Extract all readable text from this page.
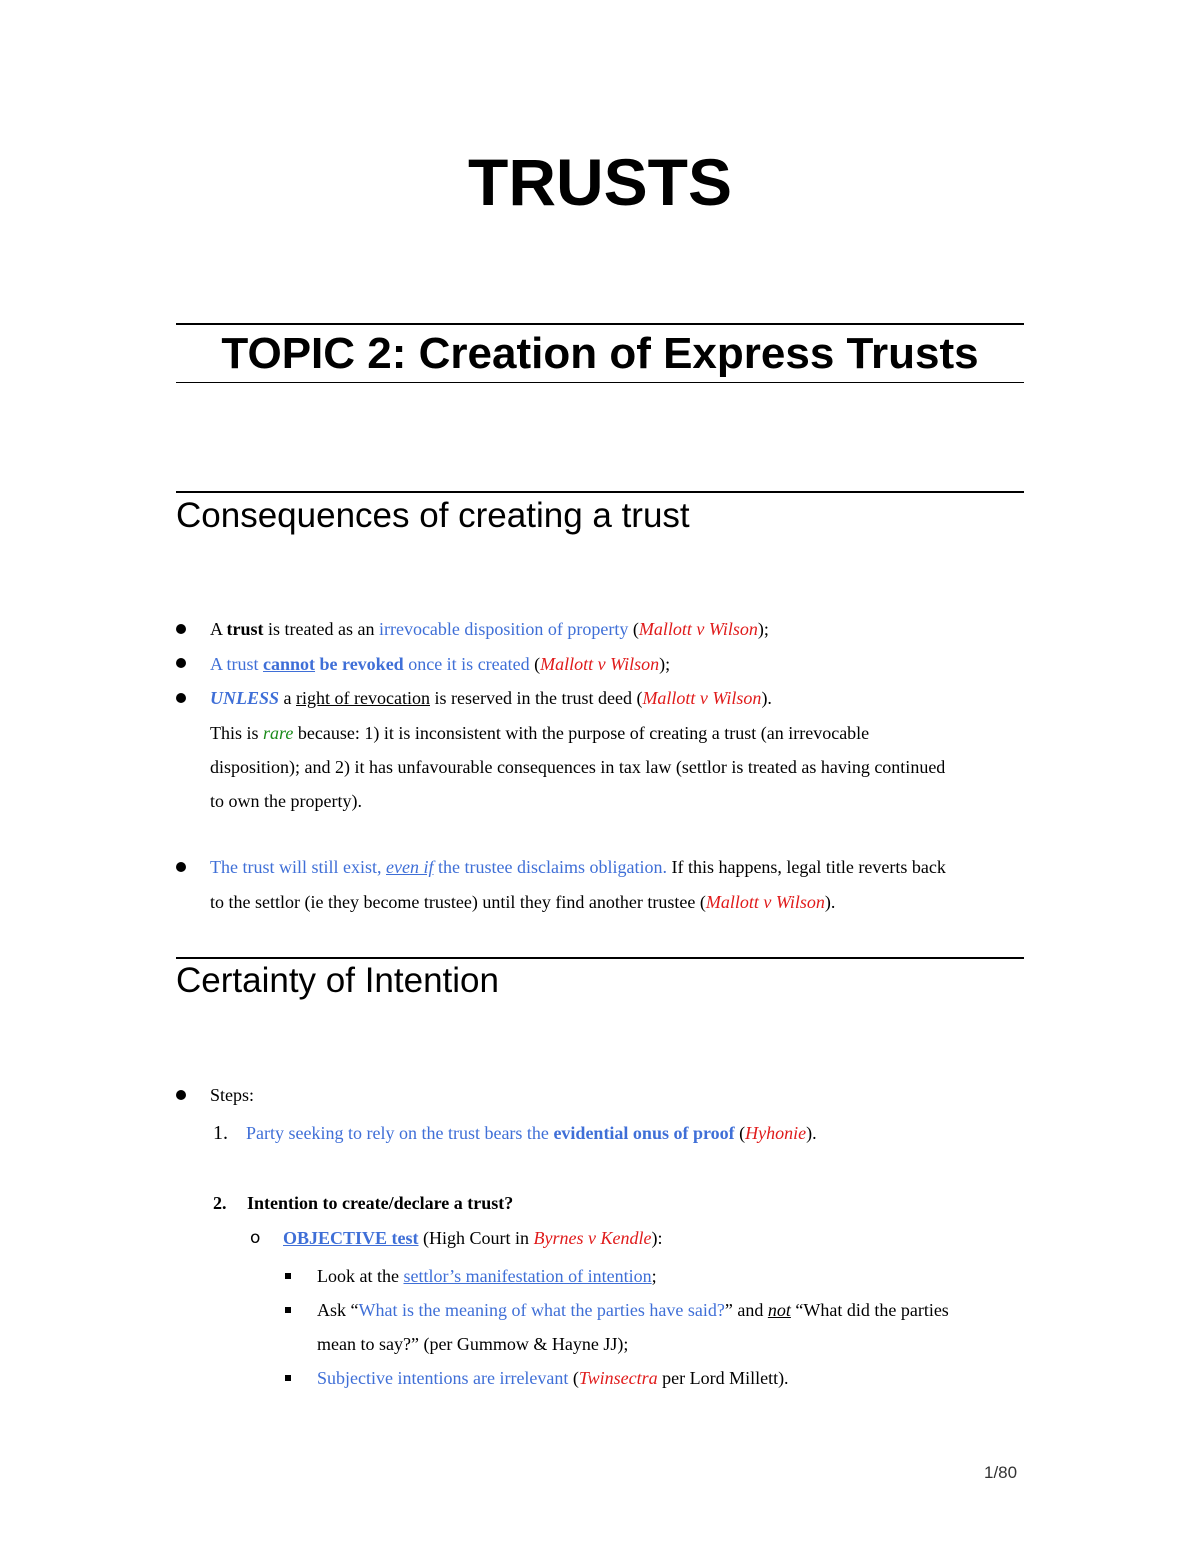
TRUSTS
TOPIC 2: Creation of Express Trusts
Consequences of creating a trust
A trust is treated as an irrevocable disposition of property (Mallott v Wilson);
A trust cannot be revoked once it is created (Mallott v Wilson);
UNLESS a right of revocation is reserved in the trust deed (Mallott v Wilson).
This is rare because: 1) it is inconsistent with the purpose of creating a trust (an irrevocable
disposition); and 2) it has unfavourable consequences in tax law (settlor is treated as having continued
to own the property).
The trust will still exist, even if the trustee disclaims obligation. If this happens, legal title reverts back
to the settlor (ie they become trustee) until they find another trustee (Mallott v Wilson).
Certainty of Intention
Steps:
1. Party seeking to rely on the trust bears the evidential onus of proof (Hyhonie).
2. Intention to create/declare a trust?
o OBJECTIVE test (High Court in Byrnes v Kendle):
Look at the settlor’s manifestation of intention;
Ask “What is the meaning of what the parties have said?” and not “What did the parties
mean to say?” (per Gummow & Hayne JJ);
Subjective intentions are irrelevant (Twinsectra per Lord Millett).
1/80
